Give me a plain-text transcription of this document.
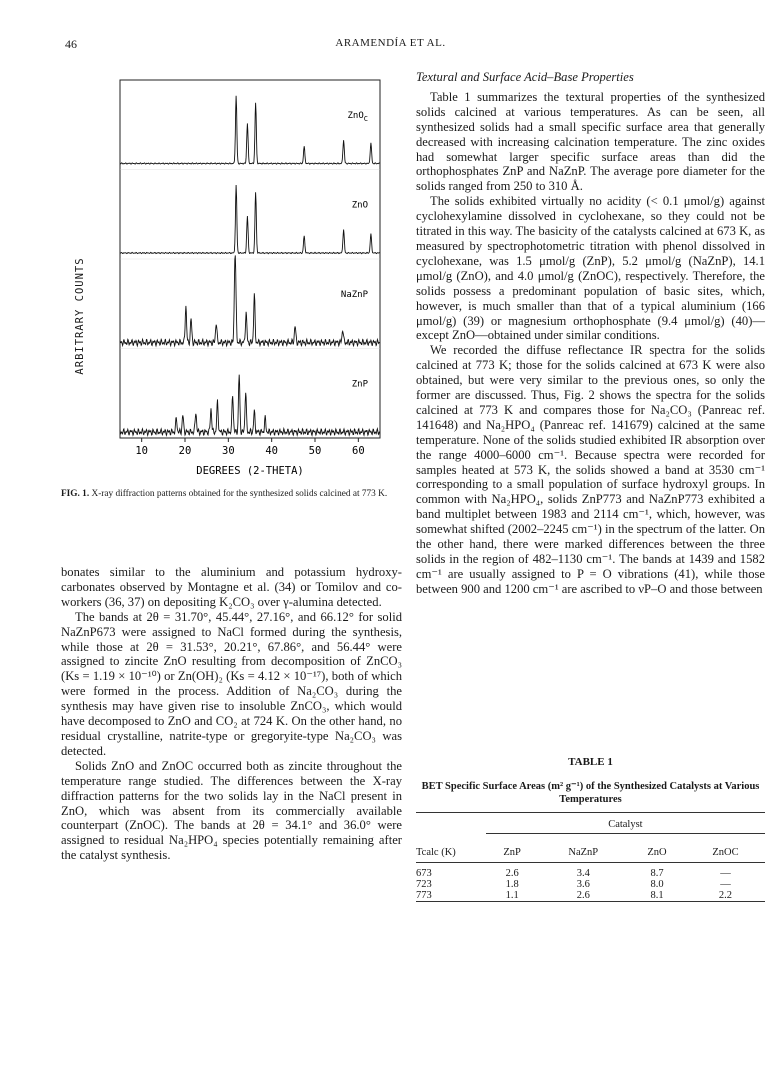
46	ARAMENDÍA ET AL.
ARBITRARY COUNTS
ZnO$_C$
ZnO
NaZnP
ZnP
10	20	30	40	50	60
DEGREES (2-THETA)
FIG. 1. X-ray diffraction patterns obtained for the synthesized solids calcined at 773 K.

bonates similar to the aluminium and potassium hydroxy-carbonates observed by Montagne et al. (34) or Tomilov and co-workers (36, 37) on depositing K₂CO₃ over γ-alumina detected.

The bands at 2θ = 31.70°, 45.44°, 27.16°, and 66.12° for solid NaZnP673 were assigned to NaCl formed during the synthesis, while those at 2θ = 31.53°, 20.21°, 67.86°, and 56.44° were assigned to zincite ZnO resulting from decomposition of ZnCO₃ (Ks = 1.19 × 10⁻¹⁰) or Zn(OH)₂ (Ks = 4.12 × 10⁻¹⁷), both of which were formed in the process. Addition of Na₂CO₃ during the synthesis may have given rise to insoluble ZnCO₃, which would have decomposed to ZnO and CO₂ at 724 K. On the other hand, no residual crystalline, natrite-type or gregoryite-type Na₂CO₃ was detected.

Solids ZnO and ZnOC occurred both as zincite throughout the temperature range studied. The differences between the X-ray diffraction patterns for the two solids lay in the NaCl present in ZnO, which was absent from its commercially available counterpart (ZnOC). The bands at 2θ = 34.1° and 36.0° were assigned to residual Na₂HPO₄ species potentially remaining after the catalyst synthesis.

Textural and Surface Acid–Base Properties

Table 1 summarizes the textural properties of the synthesized solids calcined at various temperatures. As can be seen, all synthesized solids had a small specific surface area that generally decreased with increasing calcination temperature. The zinc oxides had somewhat larger specific surface areas than did the orthophosphates ZnP and NaZnP. The average pore diameter for the solids ranged from 250 to 310 Å.

The solids exhibited virtually no acidity (< 0.1 μmol/g) against cyclohexylamine dissolved in cyclohexane, so they could not be titrated in this way. The basicity of the catalysts calcined at 673 K, as measured by spectrophotometric titration with phenol dissolved in cyclohexane, was 1.5 μmol/g (ZnP), 5.2 μmol/g (NaZnP), 14.1 μmol/g (ZnO), and 4.0 μmol/g (ZnOC), respectively. Therefore, the solids possess a predominant population of basic sites, which, however, is much smaller than that of a typical aluminium (166 μmol/g) (39) or magnesium orthophosphate (9.4 μmol/g) (40)—except ZnO—obtained under similar conditions.

We recorded the diffuse reflectance IR spectra for the solids calcined at 773 K; those for the solids calcined at 673 K were also obtained, but were very similar to the previous ones, so only the former are discussed. Thus, Fig. 2 shows the spectra for the solids calcined at 773 K and compares those for Na₂CO₃ (Panreac ref. 141648) and Na₂HPO₄ (Panreac ref. 141679) calcined at the same temperature. None of the solids studied exhibited IR absorption over the range 4000–6000 cm⁻¹. Because spectra were recorded for samples heated at 573 K, the solids showed a band at 3530 cm⁻¹ corresponding to a small population of surface hydroxyl groups. In common with Na₂HPO₄, solids ZnP773 and NaZnP773 exhibited a band multiplet between 1983 and 2114 cm⁻¹, which, however, was somewhat shifted (2002–2245 cm⁻¹) in the spectrum of the latter. On the other hand, there were marked differences between the three solids in the region of 482–1130 cm⁻¹. The bands at 1439 and 1582 cm⁻¹ are usually assigned to P = O vibrations (41), while those between 900 and 1200 cm⁻¹ are ascribed to νP–O and those between

TABLE 1
BET Specific Surface Areas (m² g⁻¹) of the Synthesized Catalysts at Various Temperatures

	Catalyst			

Tcalc (K)	ZnP	NaZnP	ZnO	ZnOC

673	2.6	3.4	8.7	—
723	1.8	3.6	8.0	—
773	1.1	2.6	8.1	2.2
